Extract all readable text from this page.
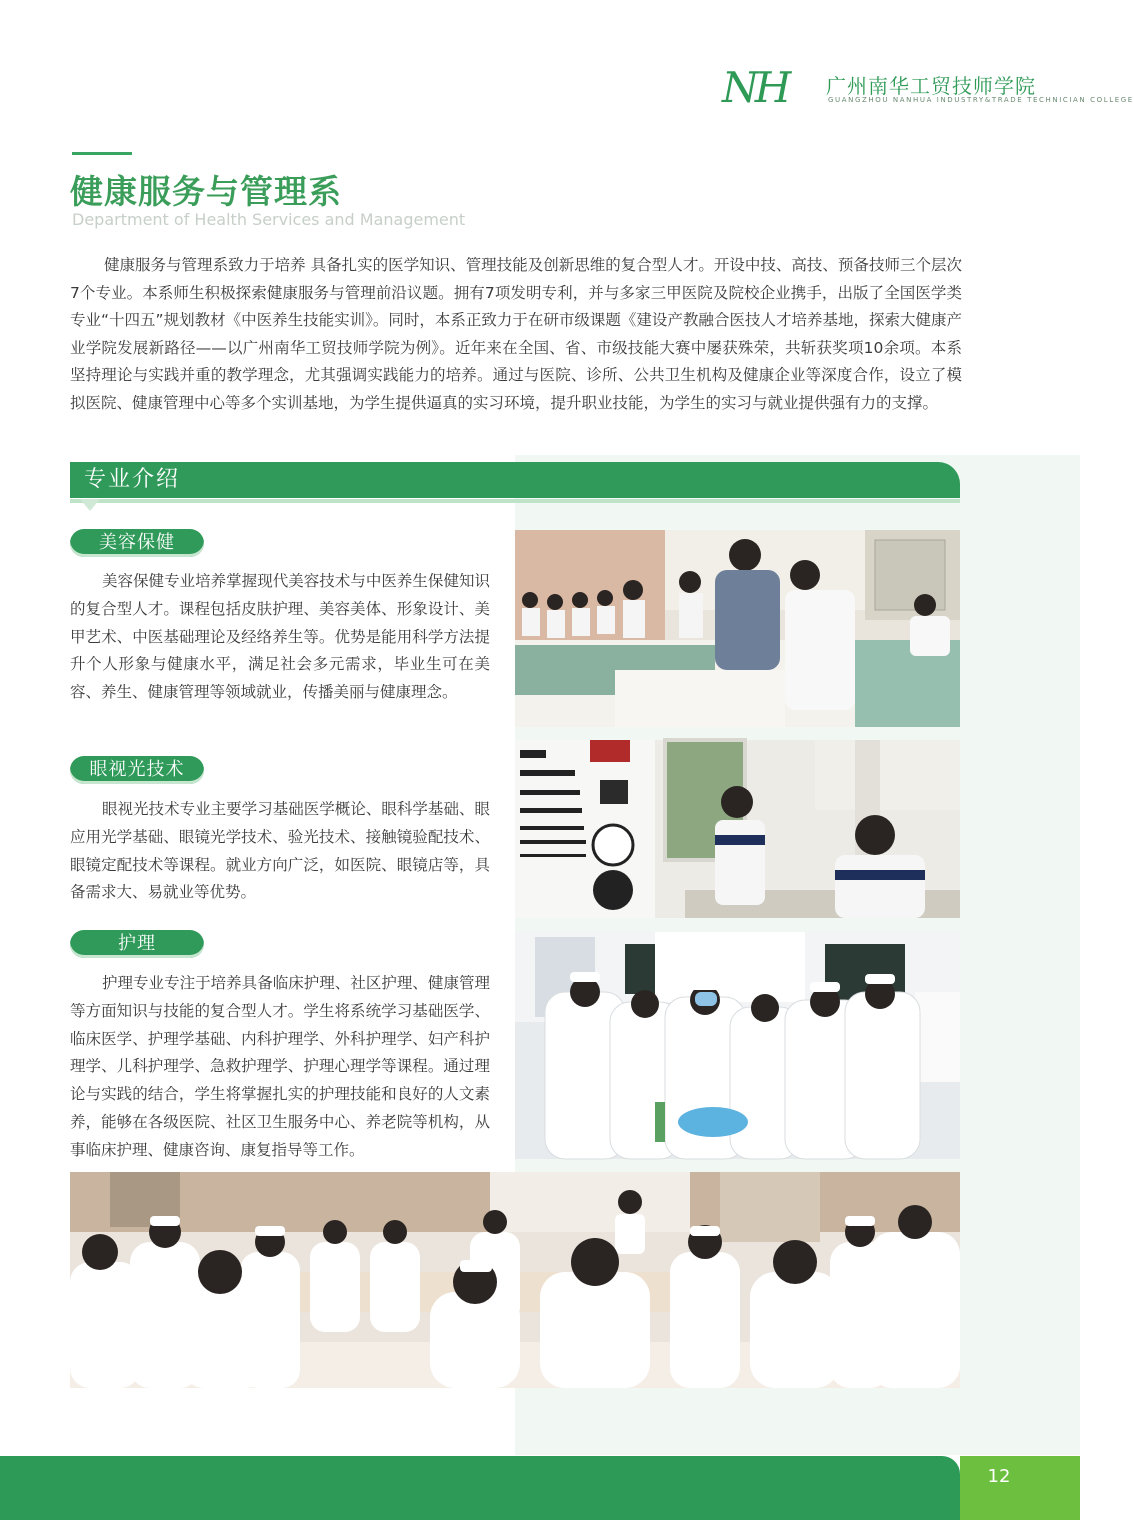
NH	广州南华工贸技师学院
GUANGZHOU NANHUA INDUSTRY&TRADE TECHNICIAN COLLEGE
健康服务与管理系
Department of Health Services and Management

健康服务与管理系致力于培养 具备扎实的医学知识、管理技能及创新思维的复合型人才。开设中技、高技、预备技师三个层次7个专业。本系师生积极探索健康服务与管理前沿议题。拥有7项发明专利，并与多家三甲医院及院校企业携手，出版了全国医学类专业“十四五”规划教材《中医养生技能实训》。同时，本系正致力于在研市级课题《建设产教融合医技人才培养基地，探索大健康产业学院发展新路径——以广州南华工贸技师学院为例》。近年来在全国、省、市级技能大赛中屡获殊荣，共斩获奖项10余项。本系坚持理论与实践并重的教学理念，尤其强调实践能力的培养。通过与医院、诊所、公共卫生机构及健康企业等深度合作，设立了模拟医院、健康管理中心等多个实训基地，为学生提供逼真的实习环境，提升职业技能，为学生的实习与就业提供强有力的支撑。

专业介绍
美容保健

美容保健专业培养掌握现代美容技术与中医养生保健知识的复合型人才。课程包括皮肤护理、美容美体、形象设计、美甲艺术、中医基础理论及经络养生等。优势是能用科学方法提升个人形象与健康水平，满足社会多元需求，毕业生可在美容、养生、健康管理等领域就业，传播美丽与健康理念。

眼视光技术

眼视光技术专业主要学习基础医学概论、眼科学基础、眼应用光学基础、眼镜光学技术、验光技术、接触镜验配技术、眼镜定配技术等课程。就业方向广泛，如医院、眼镜店等，具备需求大、易就业等优势。

护理

护理专业专注于培养具备临床护理、社区护理、健康管理等方面知识与技能的复合型人才。学生将系统学习基础医学、临床医学、护理学基础、内科护理学、外科护理学、妇产科护理学、儿科护理学、急救护理学、护理心理学等课程。通过理论与实践的结合，学生将掌握扎实的护理技能和良好的人文素养，能够在各级医院、社区卫生服务中心、养老院等机构，从事临床护理、健康咨询、康复指导等工作。

12
